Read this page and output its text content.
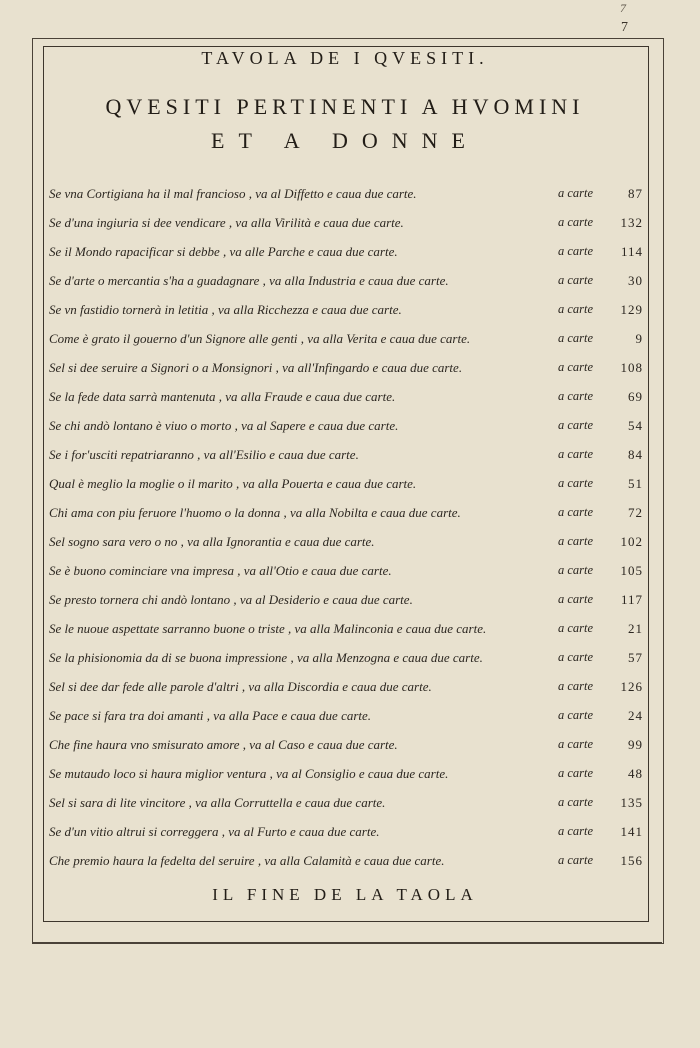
7
7
TAVOLA DE I QVESITI.
QVESITI PERTINENTI A HVOMINI
ET A DONNE
Se vna Cortigiana ha il mal francioso , va al Diffetto e caua due carte.	a carte	87
Se d'una ingiuria si dee vendicare , va alla Virilità e caua due carte.	a carte	132
Se il Mondo rapacificar si debbe , va alle Parche e caua due carte.	a carte	114
Se d'arte o mercantia s'ha a guadagnare , va alla Industria e caua due carte.	a carte	30
Se vn fastidio tornerà in letitia , va alla Ricchezza e caua due carte.	a carte	129
Come è grato il gouerno d'un Signore alle genti , va alla Verita e caua due carte.	a carte	9
Sel si dee seruire a Signori o a Monsignori , va all'Infingardo e caua due carte.	a carte	108
Se la fede data sarrà mantenuta , va alla Fraude e caua due carte.	a carte	69
Se chi andò lontano è viuo o morto , va al Sapere e caua due carte.	a carte	54
Se i for'usciti repatriaranno , va all'Esilio e caua due carte.	a carte	84
Qual è meglio la moglie o il marito , va alla Pouerta e caua due carte.	a carte	51
Chi ama con piu feruore l'huomo o la donna , va alla Nobilta e caua due carte.	a carte	72
Sel sogno sara vero o no , va alla Ignorantia e caua due carte.	a carte	102
Se è buono cominciare vna impresa , va all'Otio e caua due carte.	a carte	105
Se presto tornera chi andò lontano , va al Desiderio e caua due carte.	a carte	117
Se le nuoue aspettate sarranno buone o triste , va alla Malinconia e caua due carte.	a carte	21
Se la phisionomia da di se buona impressione , va alla Menzogna e caua due carte.	a carte	57
Sel si dee dar fede alle parole d'altri , va alla Discordia e caua due carte.	a carte	126
Se pace si fara tra doi amanti , va alla Pace e caua due carte.	a carte	24
Che fine haura vno smisurato amore , va al Caso e caua due carte.	a carte	99
Se mutaudo loco si haura miglior ventura , va al Consiglio e caua due carte.	a carte	48
Sel si sara di lite vincitore , va alla Corruttella e caua due carte.	a carte	135
Se d'un vitio altrui si correggera , va al Furto e caua due carte.	a carte	141
Che premio haura la fedelta del seruire , va alla Calamità e caua due carte.	a carte	156
IL FINE DE LA TAOLA
